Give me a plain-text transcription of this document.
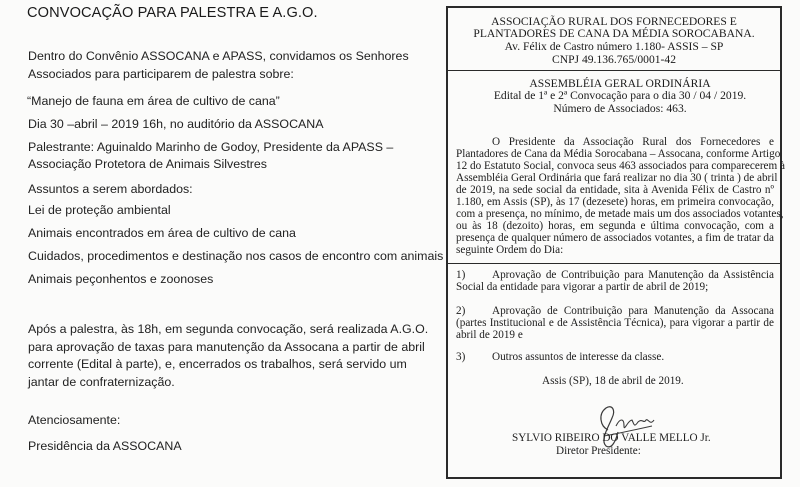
CONVOCAÇÃO PARA PALESTRA E A.G.O.
Dentro do Convênio ASSOCANA e APASS, convidamos os Senhores
Associados para participarem de palestra sobre:
“Manejo de fauna em área de cultivo de cana”
Dia 30 –abril – 2019 16h, no auditório da ASSOCANA
Palestrante: Aguinaldo Marinho de Godoy, Presidente da APASS –
Associação Protetora de Animais Silvestres
Assuntos a serem abordados:
Lei de proteção ambiental
Animais encontrados em área de cultivo de cana
Cuidados, procedimentos e destinação nos casos de encontro com animais
Animais peçonhentos e zoonoses
Após a palestra, às 18h, em segunda convocação, será realizada A.G.O.
para aprovação de taxas para manutenção da Assocana a partir de abril
corrente (Edital à parte), e, encerrados os trabalhos, será servido um
jantar de confraternização.
Atenciosamente:
Presidência da ASSOCANA
ASSOCIAÇÃO RURAL DOS FORNECEDORES E
PLANTADORES DE CANA DA MÉDIA SOROCABANA.
Av. Félix de Castro número 1.180- ASSIS – SP
CNPJ 49.136.765/0001-42
ASSEMBLÉIA GERAL ORDINÁRIA
Edital de 1ª e 2ª Convocação para o dia 30 / 04 / 2019.
Número de Associados: 463.
O Presidente da Associação Rural dos Fornecedores e
Plantadores de Cana da Média Sorocabana – Assocana, conforme Artigo
12 do Estatuto Social, convoca seus 463 associados para comparecerem à
Assembléia Geral Ordinária que fará realizar no dia 30 ( trinta ) de abril
de 2019, na sede social da entidade, sita à Avenida Félix de Castro nº
1.180, em Assis (SP), às 17 (dezesete) horas, em primeira convocação,
com a presença, no mínimo, de metade mais um dos associados votantes,
ou às 18 (dezoito) horas, em segunda e última convocação, com a
presença de qualquer número de associados votantes, a fim de tratar da
seguinte Ordem do Dia:
1) Aprovação de Contribuição para Manutenção da Assistência
Social da entidade para vigorar a partir de abril de 2019;
2) Aprovação de Contribuição para Manutenção da Assocana
(partes Institucional e de Assistência Técnica), para vigorar a partir de
abril de 2019 e
3) Outros assuntos de interesse da classe.
Assis (SP), 18 de abril de 2019.
SYLVIO RIBEIRO DO VALLE MELLO Jr.
Diretor Presidente:
